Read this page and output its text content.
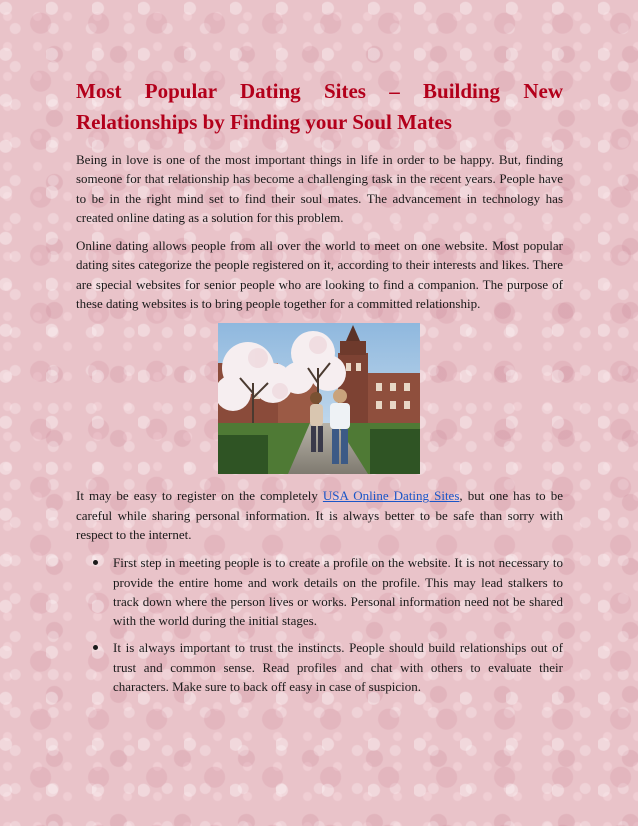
Most Popular Dating Sites – Building New Relationships by Finding your Soul Mates

Being in love is one of the most important things in life in order to be happy. But, finding someone for that relationship has become a challenging task in the recent years. People have to be in the right mind set to find their soul mates. The advancement in technology has created online dating as a solution for this problem.

Online dating allows people from all over the world to meet on one website. Most popular dating sites categorize the people registered on it, according to their interests and likes. There are special websites for senior people who are looking to find a companion. The purpose of these dating websites is to bring people together for a committed relationship.

It may be easy to register on the completely USA Online Dating Sites, but one has to be careful while sharing personal information. It is always better to be safe than sorry with respect to the internet.

First step in meeting people is to create a profile on the website. It is not necessary to provide the entire home and work details on the profile. This may lead stalkers to track down where the person lives or works. Personal information need not be shared with the world during the initial stages.
It is always important to trust the instincts. People should build relationships out of trust and common sense. Read profiles and chat with others to evaluate their characters. Make sure to back off easy in case of suspicion.
